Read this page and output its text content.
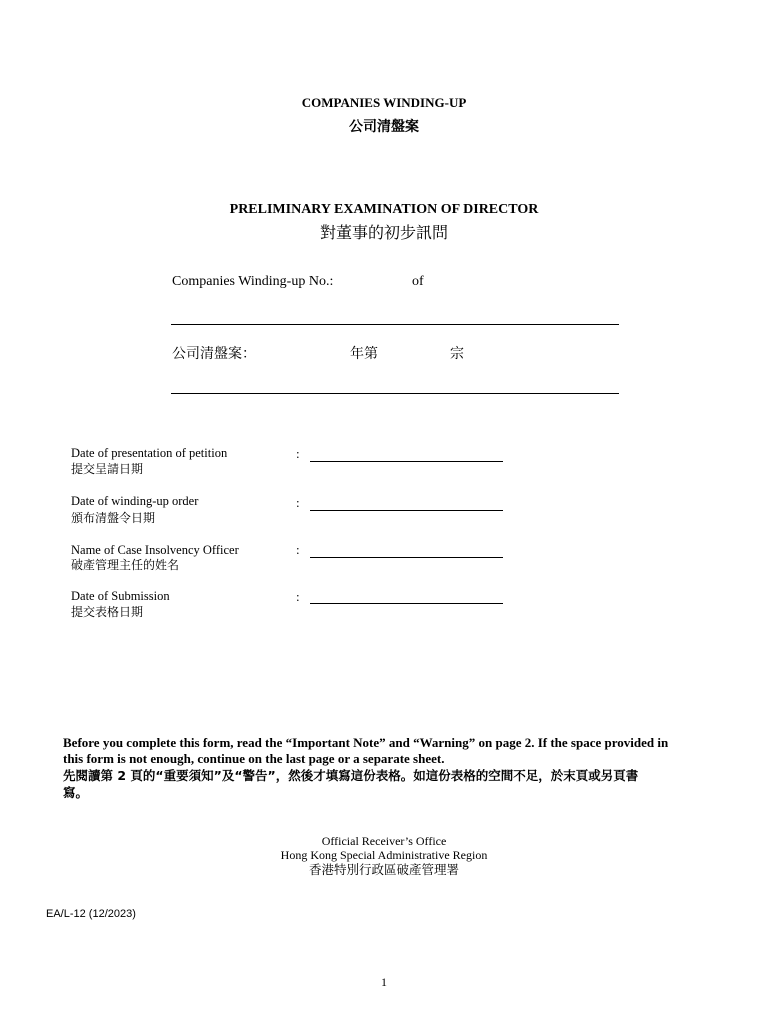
COMPANIES WINDING-UP
公司清盤案
PRELIMINARY EXAMINATION OF DIRECTOR
對董事的初步訊問
Companies Winding-up No.:	of
公司清盤案：	年第	宗
Date of presentation of petition
提交呈請日期
:
Date of winding-up order
頒布清盤令日期
:
Name of Case Insolvency Officer
破產管理主任的姓名
:
Date of Submission
提交表格日期
:
Before you complete this form, read the “Important Note” and “Warning” on page 2. If the space provided in this form is not enough, continue on the last page or a separate sheet.
先閱讀第 2 頁的“重要須知”及“警告”，然後才填寫這份表格。如這份表格的空間不足，於末頁或另頁書寫。
Official Receiver’s Office
Hong Kong Special Administrative Region
香港特別行政區破產管理署
EA/L-12 (12/2023)
1
